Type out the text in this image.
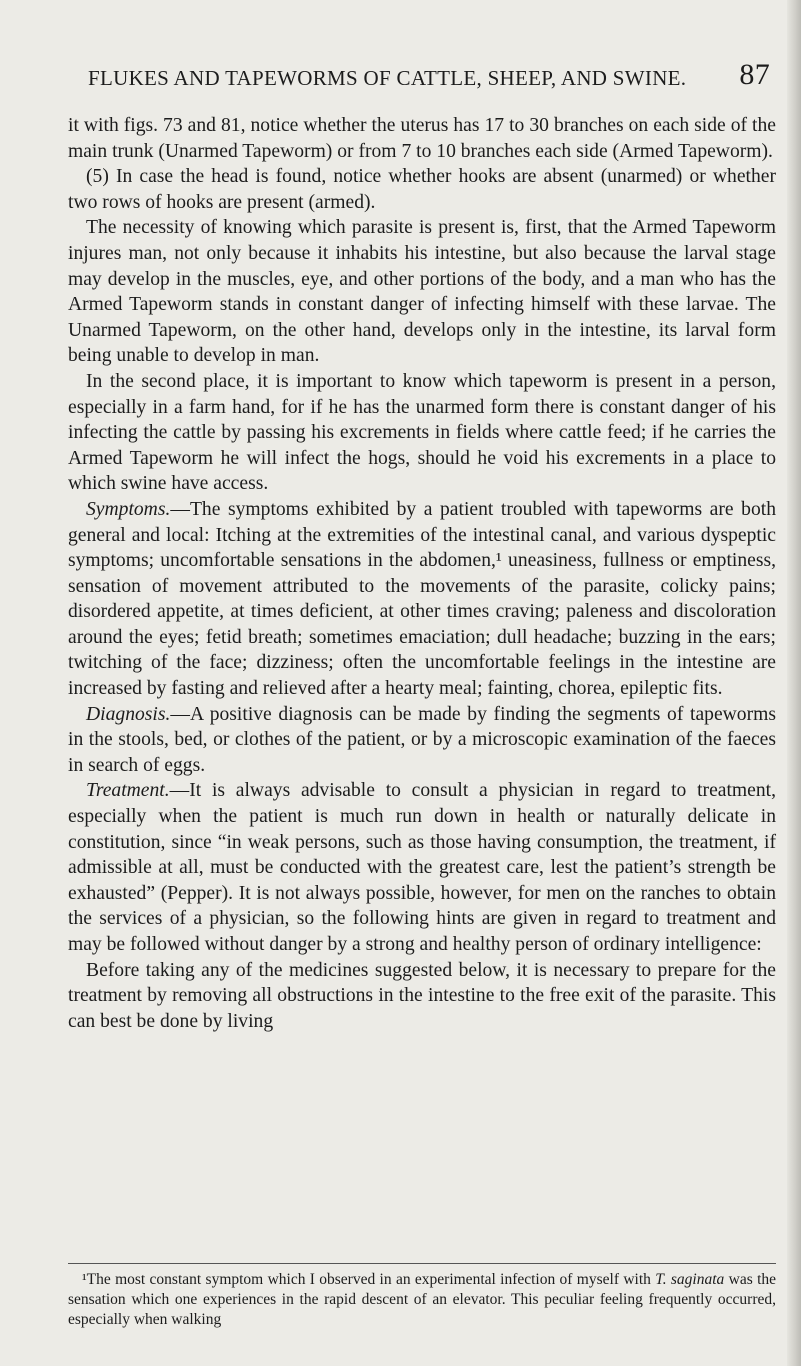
FLUKES AND TAPEWORMS OF CATTLE, SHEEP, AND SWINE. 87

it with figs. 73 and 81, notice whether the uterus has 17 to 30 branches on each side of the main trunk (Unarmed Tapeworm) or from 7 to 10 branches each side (Armed Tapeworm).

(5) In case the head is found, notice whether hooks are absent (unarmed) or whether two rows of hooks are present (armed).

The necessity of knowing which parasite is present is, first, that the Armed Tapeworm injures man, not only because it inhabits his intestine, but also because the larval stage may develop in the muscles, eye, and other portions of the body, and a man who has the Armed Tapeworm stands in constant danger of infecting himself with these larvae. The Unarmed Tapeworm, on the other hand, develops only in the intestine, its larval form being unable to develop in man.

In the second place, it is important to know which tapeworm is present in a person, especially in a farm hand, for if he has the unarmed form there is constant danger of his infecting the cattle by passing his excrements in fields where cattle feed; if he carries the Armed Tapeworm he will infect the hogs, should he void his excrements in a place to which swine have access.

Symptoms.—The symptoms exhibited by a patient troubled with tapeworms are both general and local: Itching at the extremities of the intestinal canal, and various dyspeptic symptoms; uncomfortable sensations in the abdomen,¹ uneasiness, fullness or emptiness, sensation of movement attributed to the movements of the parasite, colicky pains; disordered appetite, at times deficient, at other times craving; paleness and discoloration around the eyes; fetid breath; sometimes emaciation; dull headache; buzzing in the ears; twitching of the face; dizziness; often the uncomfortable feelings in the intestine are increased by fasting and relieved after a hearty meal; fainting, chorea, epileptic fits.

Diagnosis.—A positive diagnosis can be made by finding the segments of tapeworms in the stools, bed, or clothes of the patient, or by a microscopic examination of the faeces in search of eggs.

Treatment.—It is always advisable to consult a physician in regard to treatment, especially when the patient is much run down in health or naturally delicate in constitution, since “in weak persons, such as those having consumption, the treatment, if admissible at all, must be conducted with the greatest care, lest the patient’s strength be exhausted” (Pepper). It is not always possible, however, for men on the ranches to obtain the services of a physician, so the following hints are given in regard to treatment and may be followed without danger by a strong and healthy person of ordinary intelligence:

Before taking any of the medicines suggested below, it is necessary to prepare for the treatment by removing all obstructions in the intestine to the free exit of the parasite. This can best be done by living

¹The most constant symptom which I observed in an experimental infection of myself with T. saginata was the sensation which one experiences in the rapid descent of an elevator. This peculiar feeling frequently occurred, especially when walking
